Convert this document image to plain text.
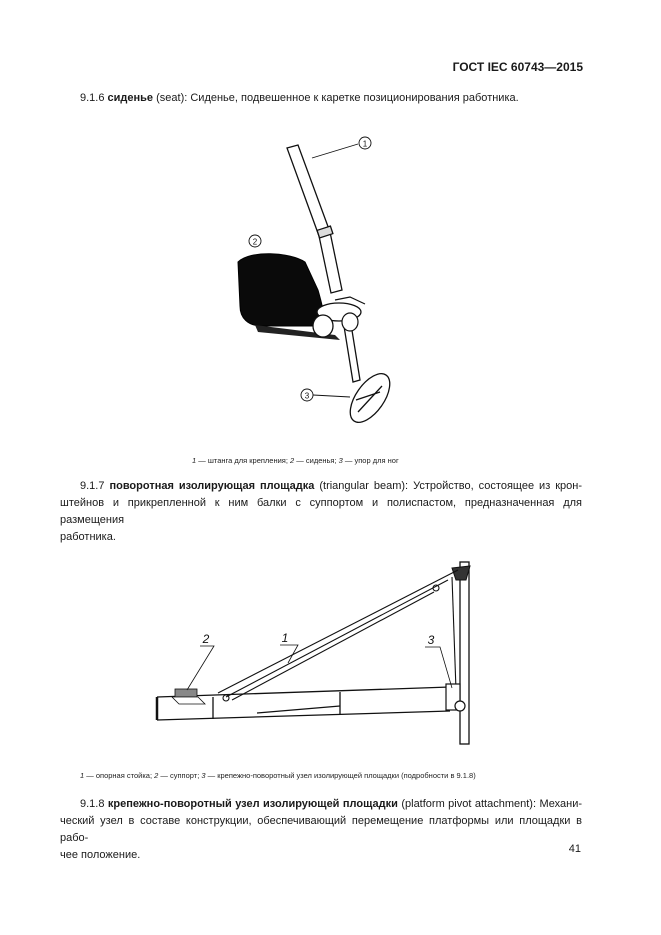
ГОСТ IEC 60743—2015
9.1.6 сиденье (seat): Сиденье, подвешенное к каретке позиционирования работника.
1
2
3
1 — штанга для крепления; 2 — сиденья; 3 — упор для ног
9.1.7 поворотная изолирующая площадка (triangular beam): Устройство, состоящее из крон-
штейнов и прикрепленной к ним балки с суппортом и полиспастом, предназначенная для размещения
работника.
2	1	3
1 — опорная стойка; 2 — суппорт; 3 — крепежно-поворотный узел изолирующей площадки (подробности в 9.1.8)
9.1.8 крепежно-поворотный узел изолирующей площадки (platform pivot attachment): Механи-
ческий узел в составе конструкции, обеспечивающий перемещение платформы или площадки в рабо-
чее положение.	41
